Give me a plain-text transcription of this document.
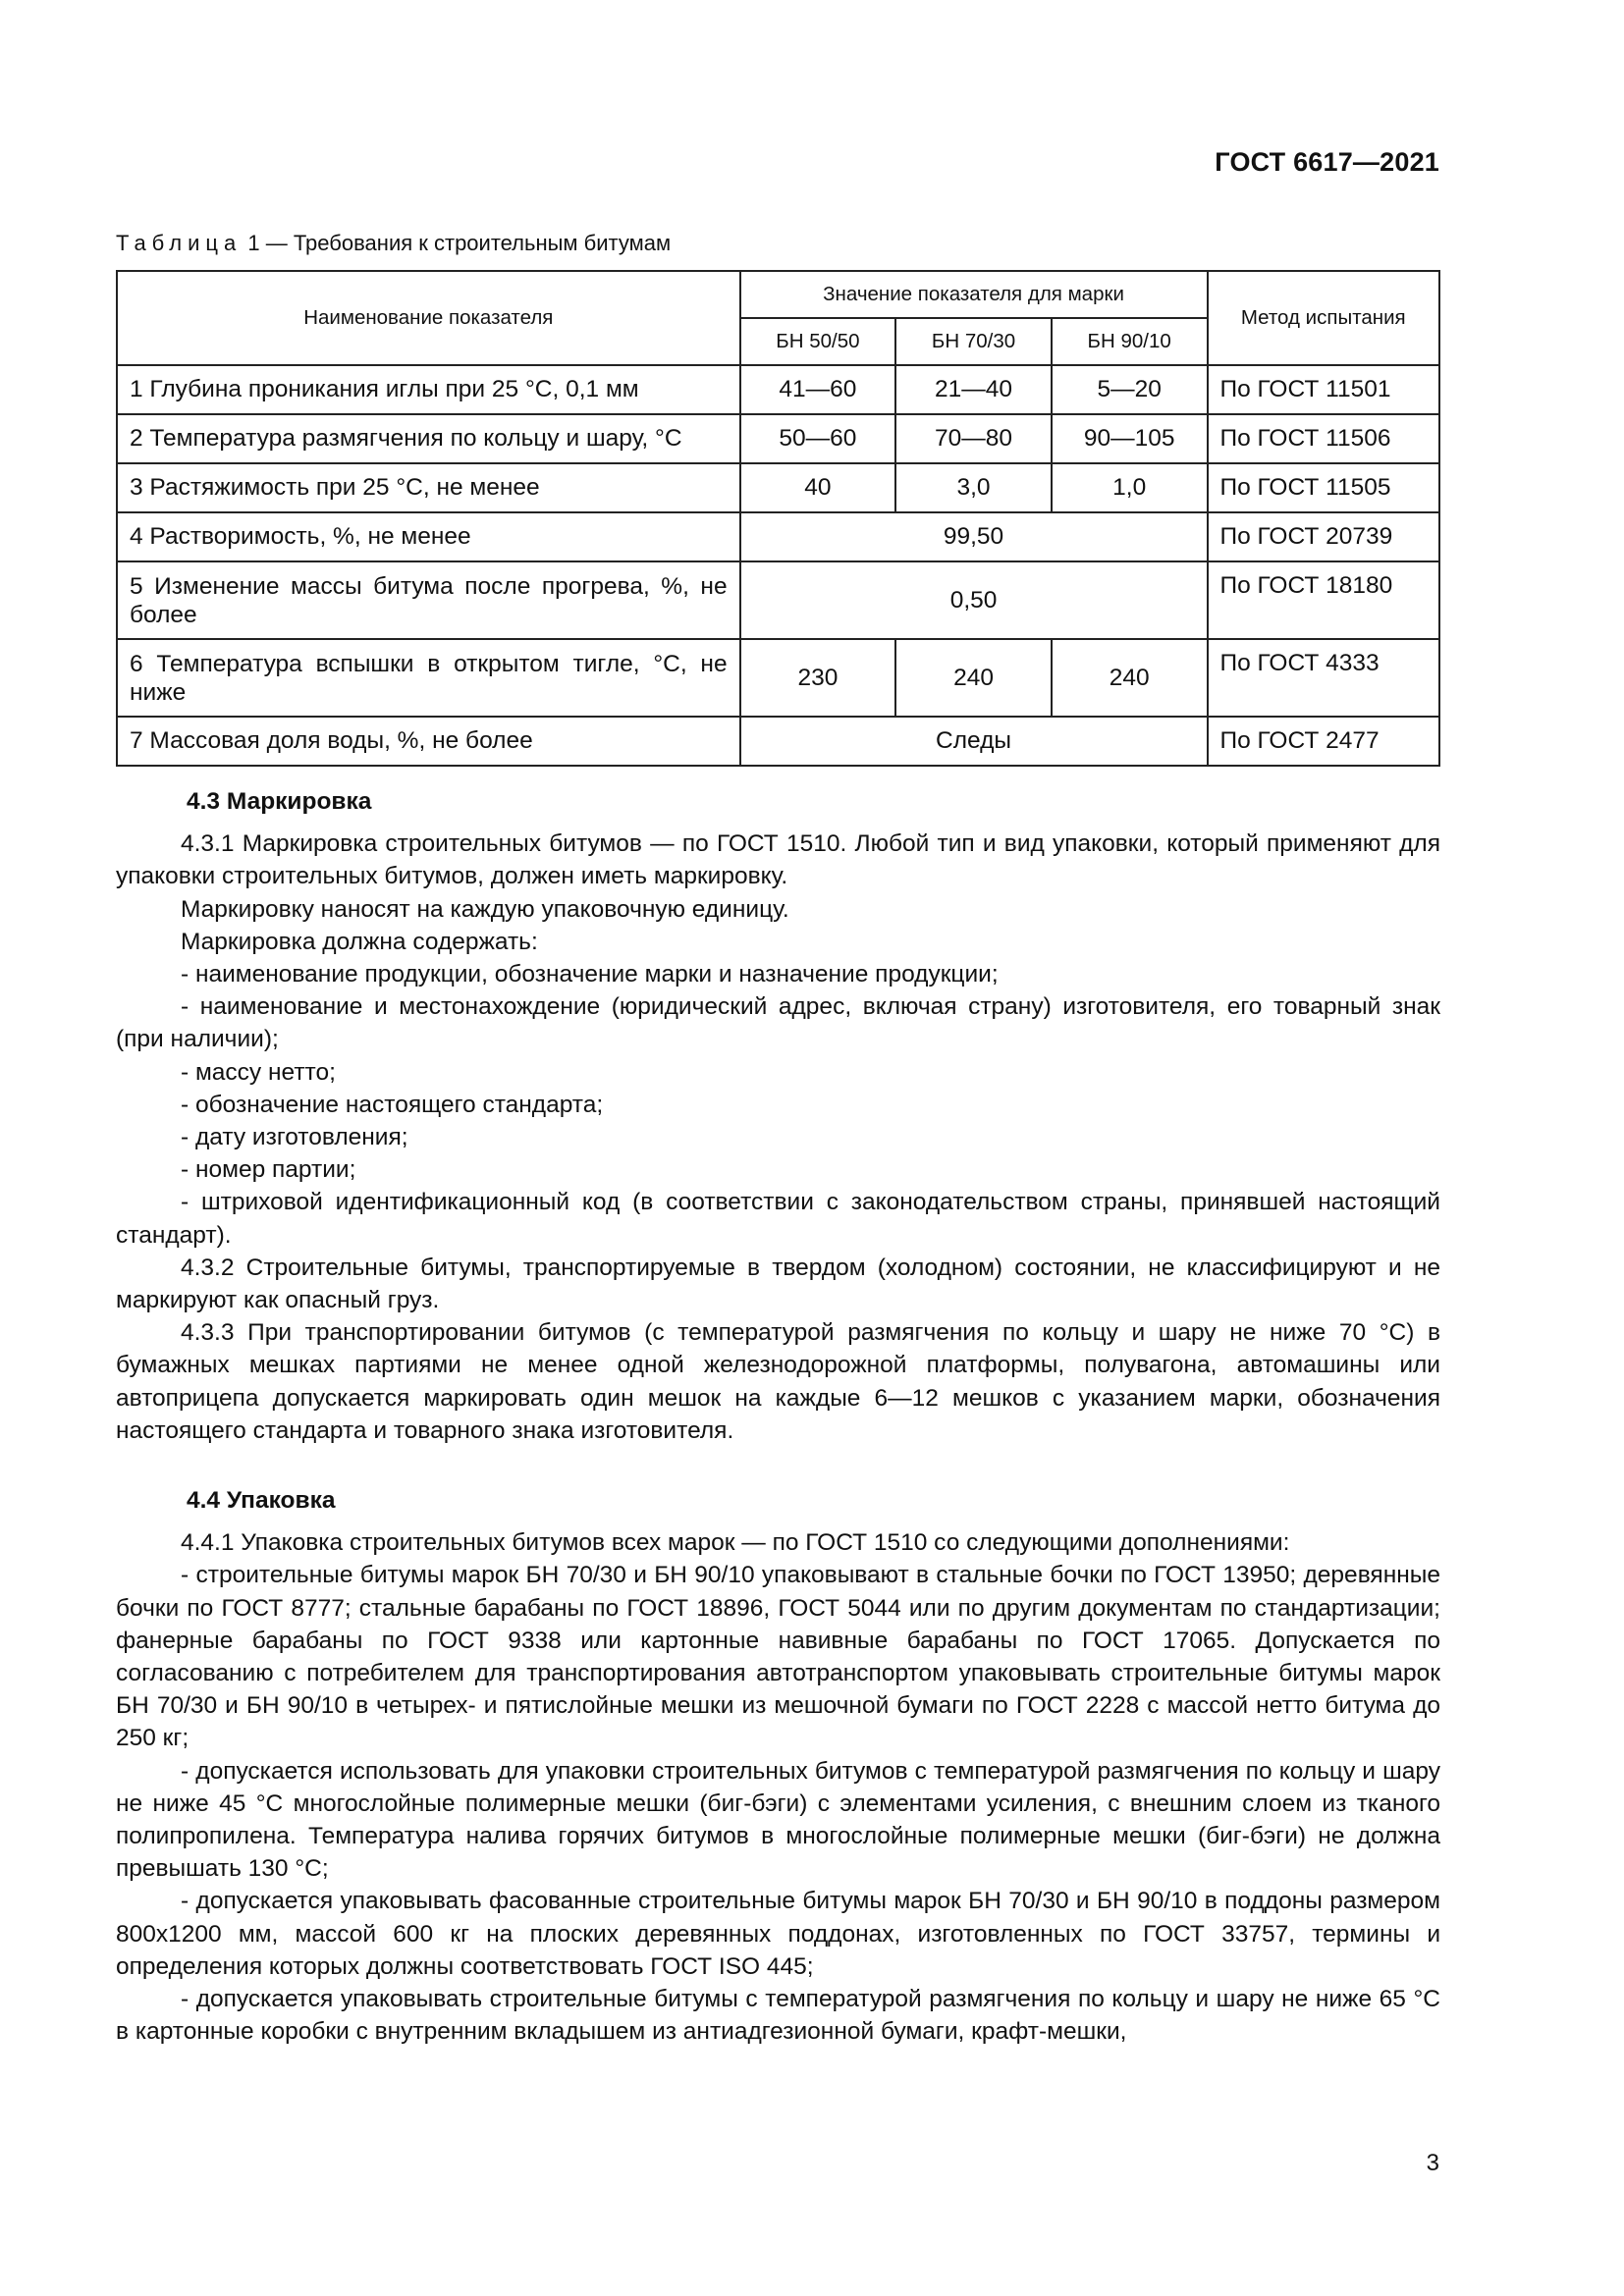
ГОСТ 6617—2021
Таблица 1 — Требования к строительным битумам
Наименование показателя	Значение показателя для марки			Метод испытания
	БН 50/50	БН 70/30	БН 90/10	
1 Глубина проникания иглы при 25 °С, 0,1 мм	41—60	21—40	5—20	По ГОСТ 11501
2 Температура размягчения по кольцу и шару, °С	50—60	70—80	90—105	По ГОСТ 11506
3 Растяжимость при 25 °С, не менее	40	3,0	1,0	По ГОСТ 11505
4 Растворимость, %, не менее	99,50			По ГОСТ 20739
5 Изменение массы битума после прогрева, %, не более	0,50			По ГОСТ 18180
6 Температура вспышки в открытом тигле, °С, не ниже	230	240	240	По ГОСТ 4333
7 Массовая доля воды, %, не более	Следы			По ГОСТ 2477
4.3 Маркировка

4.3.1 Маркировка строительных битумов — по ГОСТ 1510. Любой тип и вид упаковки, который применяют для упаковки строительных битумов, должен иметь маркировку.

Маркировку наносят на каждую упаковочную единицу.

Маркировка должна содержать:

- наименование продукции, обозначение марки и назначение продукции;

- наименование и местонахождение (юридический адрес, включая страну) изготовителя, его товарный знак (при наличии);

- массу нетто;

- обозначение настоящего стандарта;

- дату изготовления;

- номер партии;

- штриховой идентификационный код (в соответствии с законодательством страны, принявшей настоящий стандарт).

4.3.2 Строительные битумы, транспортируемые в твердом (холодном) состоянии, не классифицируют и не маркируют как опасный груз.

4.3.3 При транспортировании битумов (с температурой размягчения по кольцу и шару не ниже 70 °С) в бумажных мешках партиями не менее одной железнодорожной платформы, полувагона, автомашины или автоприцепа допускается маркировать один мешок на каждые 6—12 мешков с указанием марки, обозначения настоящего стандарта и товарного знака изготовителя.

4.4 Упаковка

4.4.1 Упаковка строительных битумов всех марок — по ГОСТ 1510 со следующими дополнениями:

- строительные битумы марок БН 70/30 и БН 90/10 упаковывают в стальные бочки по ГОСТ 13950; деревянные бочки по ГОСТ 8777; стальные барабаны по ГОСТ 18896, ГОСТ 5044 или по другим документам по стандартизации; фанерные барабаны по ГОСТ 9338 или картонные навивные барабаны по ГОСТ 17065. Допускается по согласованию с потребителем для транспортирования автотранспортом упаковывать строительные битумы марок БН 70/30 и БН 90/10 в четырех- и пятислойные мешки из мешочной бумаги по ГОСТ 2228 с массой нетто битума до 250 кг;

- допускается использовать для упаковки строительных битумов с температурой размягчения по кольцу и шару не ниже 45 °С многослойные полимерные мешки (биг-бэги) с элементами усиления, с внешним слоем из тканого полипропилена. Температура налива горячих битумов в многослойные полимерные мешки (биг-бэги) не должна превышать 130 °С;

- допускается упаковывать фасованные строительные битумы марок БН 70/30 и БН 90/10 в поддоны размером 800x1200 мм, массой 600 кг на плоских деревянных поддонах, изготовленных по ГОСТ 33757, термины и определения которых должны соответствовать ГОСТ ISO 445;

- допускается упаковывать строительные битумы с температурой размягчения по кольцу и шару не ниже 65 °С в картонные коробки с внутренним вкладышем из антиадгезионной бумаги, крафт-мешки,

3
